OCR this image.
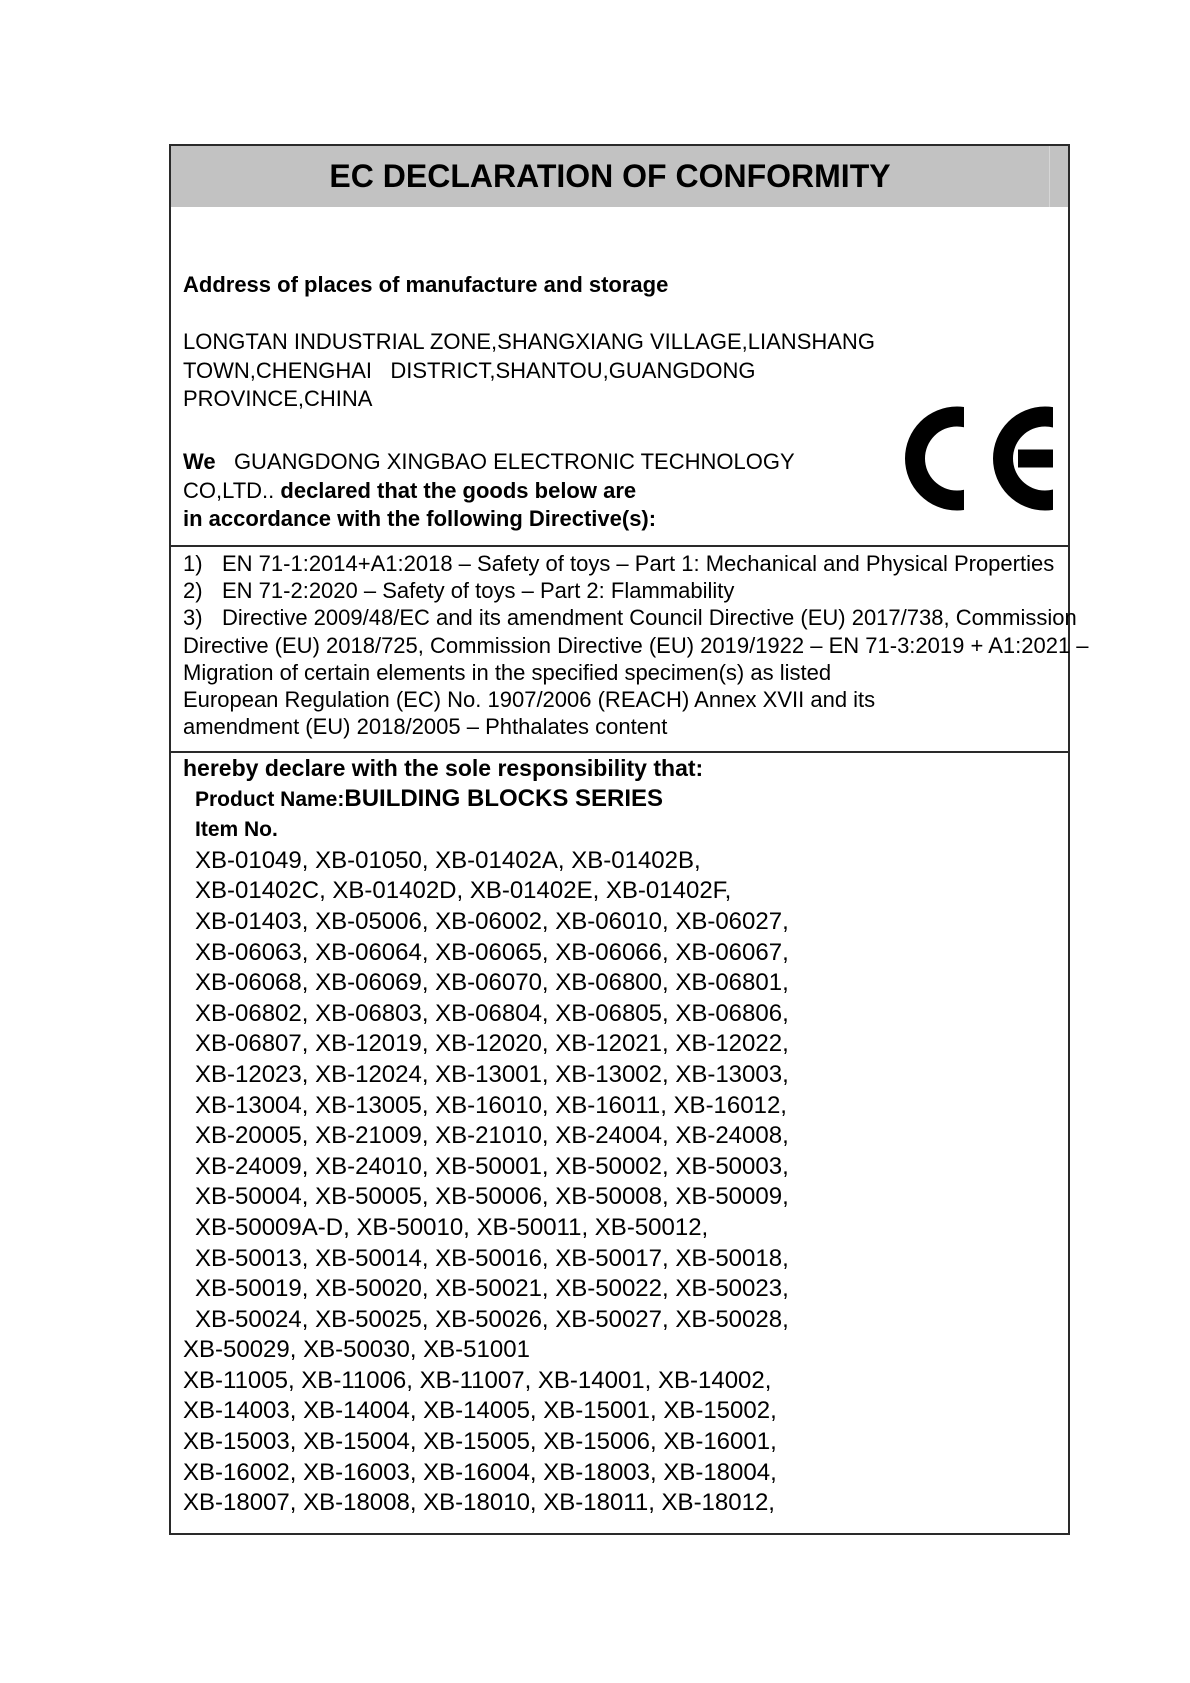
EC DECLARATION OF CONFORMITY
Address of places of manufacture and storage
LONGTAN INDUSTRIAL ZONE,SHANGXIANG VILLAGE,LIANSHANG
TOWN,CHENGHAI   DISTRICT,SHANTOU,GUANGDONG
PROVINCE,CHINA
We   GUANGDONG XINGBAO ELECTRONIC TECHNOLOGY
CO,LTD.. declared that the goods below are
in accordance with the following Directive(s):
1) EN 71-1:2014+A1:2018 – Safety of toys – Part 1: Mechanical and Physical Properties
2) EN 71-2:2020 – Safety of toys – Part 2: Flammability
3) Directive 2009/48/EC and its amendment Council Directive (EU) 2017/738, Commission
Directive (EU) 2018/725, Commission Directive (EU) 2019/1922 – EN 71-3:2019 + A1:2021 –
Migration of certain elements in the specified specimen(s) as listed
European Regulation (EC) No. 1907/2006 (REACH) Annex XVII and its
amendment (EU) 2018/2005 – Phthalates content
hereby declare with the sole responsibility that:
Product Name:BUILDING BLOCKS SERIES
Item No.
XB-01049, XB-01050, XB-01402A, XB-01402B,
XB-01402C, XB-01402D, XB-01402E, XB-01402F,
XB-01403, XB-05006, XB-06002, XB-06010, XB-06027,
XB-06063, XB-06064, XB-06065, XB-06066, XB-06067,
XB-06068, XB-06069, XB-06070, XB-06800, XB-06801,
XB-06802, XB-06803, XB-06804, XB-06805, XB-06806,
XB-06807, XB-12019, XB-12020, XB-12021, XB-12022,
XB-12023, XB-12024, XB-13001, XB-13002, XB-13003,
XB-13004, XB-13005, XB-16010, XB-16011, XB-16012,
XB-20005, XB-21009, XB-21010, XB-24004, XB-24008,
XB-24009, XB-24010, XB-50001, XB-50002, XB-50003,
XB-50004, XB-50005, XB-50006, XB-50008, XB-50009,
XB-50009A-D, XB-50010, XB-50011, XB-50012,
XB-50013, XB-50014, XB-50016, XB-50017, XB-50018,
XB-50019, XB-50020, XB-50021, XB-50022, XB-50023,
XB-50024, XB-50025, XB-50026, XB-50027, XB-50028,
XB-50029, XB-50030, XB-51001
XB-11005, XB-11006, XB-11007, XB-14001, XB-14002,
XB-14003, XB-14004, XB-14005, XB-15001, XB-15002,
XB-15003, XB-15004, XB-15005, XB-15006, XB-16001,
XB-16002, XB-16003, XB-16004, XB-18003, XB-18004,
XB-18007, XB-18008, XB-18010, XB-18011, XB-18012,
